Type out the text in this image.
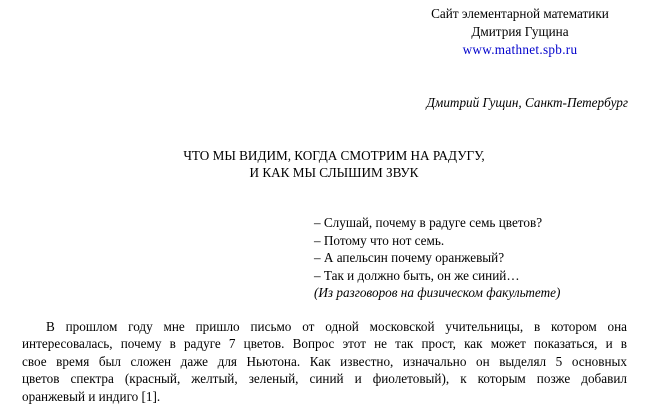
Сайт элементарной математики
Дмитрия Гущина
www.mathnet.spb.ru
Дмитрий Гущин, Санкт-Петербург
ЧТО МЫ ВИДИМ, КОГДА СМОТРИМ НА РАДУГУ,
И КАК МЫ СЛЫШИМ ЗВУК
– Слушай, почему в радуге семь цветов?
– Потому что нот семь.
– А апельсин почему оранжевый?
– Так и должно быть, он же синий…
(Из разговоров на физическом факультете)
В прошлом году мне пришло письмо от одной московской учительницы, в котором она
интересовалась, почему в радуге 7 цветов. Вопрос этот не так прост, как может показаться, и в
свое время был сложен даже для Ньютона. Как известно, изначально он выделял 5 основных
цветов спектра (красный, желтый, зеленый, синий и фиолетовый), к которым позже добавил
оранжевый и индиго [1].
